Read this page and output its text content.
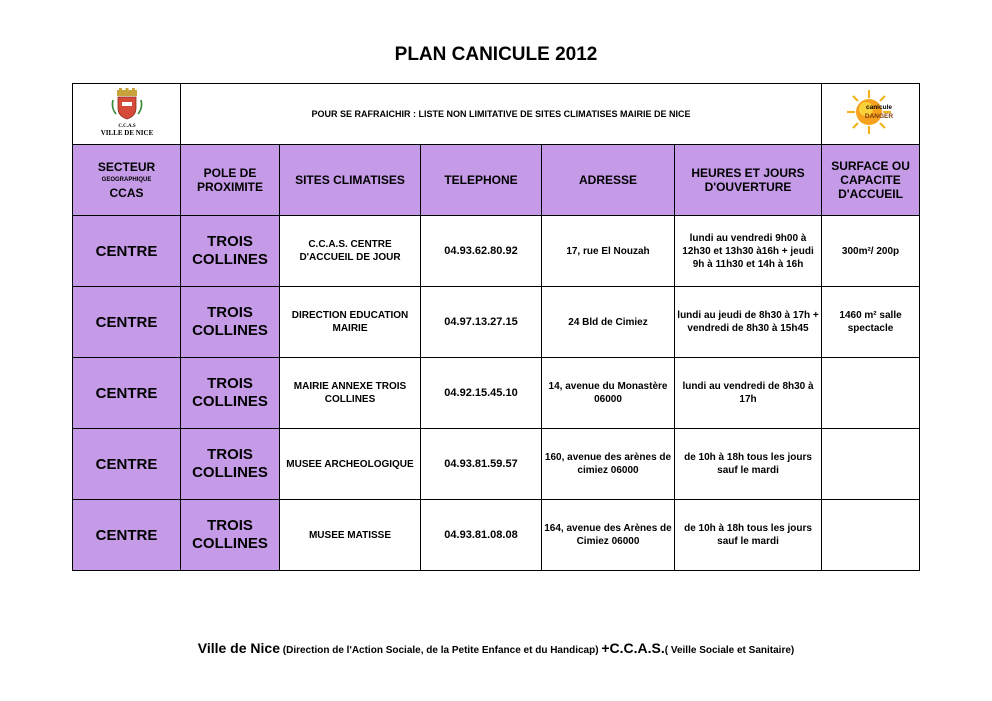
PLAN CANICULE 2012
C.C.A.S
VILLE DE NICE	POUR SE RAFRAICHIR : LISTE NON LIMITATIVE DE SITES CLIMATISES MAIRIE DE NICE					canicule
DANGER

SECTEUR
GEOGRAPHIQUE
CCAS	POLE DE PROXIMITE	SITES CLIMATISES	TELEPHONE	ADRESSE	HEURES ET JOURS D'OUVERTURE	SURFACE OU CAPACITE D'ACCUEIL
CENTRE	TROIS COLLINES	C.C.A.S. CENTRE D'ACCUEIL DE JOUR	04.93.62.80.92	17, rue El Nouzah	lundi au vendredi 9h00 à 12h30 et 13h30 à16h + jeudi 9h à 11h30 et 14h à 16h	300m²/ 200p
CENTRE	TROIS COLLINES	DIRECTION EDUCATION MAIRIE	04.97.13.27.15	24 Bld de Cimiez	lundi au jeudi de 8h30 à 17h + vendredi de 8h30 à 15h45	1460 m² salle spectacle
CENTRE	TROIS COLLINES	MAIRIE ANNEXE TROIS COLLINES	04.92.15.45.10	14, avenue du Monastère 06000	lundi au vendredi de 8h30 à 17h	
CENTRE	TROIS COLLINES	MUSEE ARCHEOLOGIQUE	04.93.81.59.57	160, avenue des arènes de cimiez 06000	de 10h à 18h tous les jours sauf le mardi	
CENTRE	TROIS COLLINES	MUSEE MATISSE	04.93.81.08.08	164, avenue des Arènes de Cimiez 06000	de 10h à 18h tous les jours sauf le mardi	
Ville de Nice (Direction de l'Action Sociale, de la Petite Enfance et du Handicap) +C.C.A.S.( Veille Sociale et Sanitaire)
